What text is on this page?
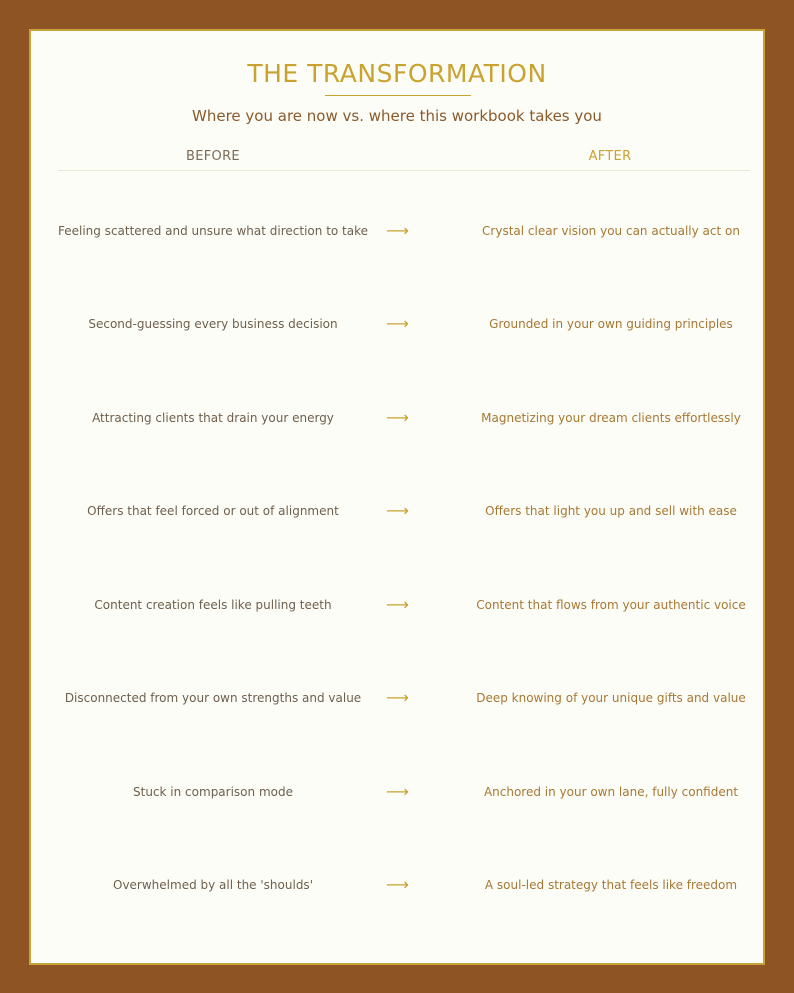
THE TRANSFORMATION
Where you are now vs. where this workbook takes you
BEFORE	AFTER
Feeling scattered and unsure what direction to take	⟶	Crystal clear vision you can actually act on
Second-guessing every business decision	⟶	Grounded in your own guiding principles
Attracting clients that drain your energy	⟶	Magnetizing your dream clients effortlessly
Offers that feel forced or out of alignment	⟶	Offers that light you up and sell with ease
Content creation feels like pulling teeth	⟶	Content that flows from your authentic voice
Disconnected from your own strengths and value	⟶	Deep knowing of your unique gifts and value
Stuck in comparison mode	⟶	Anchored in your own lane, fully confident
Overwhelmed by all the 'shoulds'	⟶	A soul-led strategy that feels like freedom
